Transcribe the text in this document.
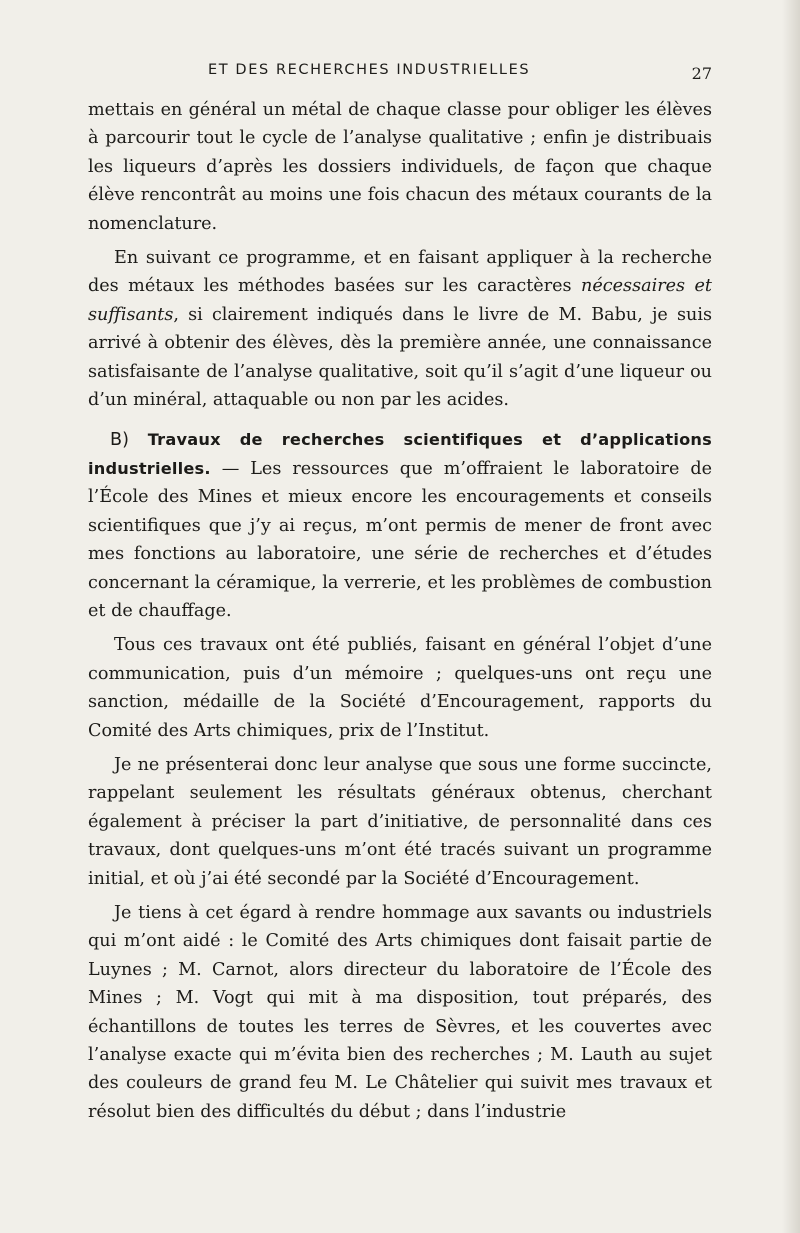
ET DES RECHERCHES INDUSTRIELLES	27

mettais en général un métal de chaque classe pour obliger les élèves à parcourir tout le cycle de l’analyse qualitative ; enfin je distribuais les liqueurs d’après les dossiers individuels, de façon que chaque élève rencontrât au moins une fois chacun des métaux courants de la nomenclature.

En suivant ce programme, et en faisant appliquer à la recherche des métaux les méthodes basées sur les caractères nécessaires et suffisants, si clairement indiqués dans le livre de M. Babu, je suis arrivé à obtenir des élèves, dès la première année, une connaissance satisfaisante de l’analyse qualitative, soit qu’il s’agit d’une liqueur ou d’un minéral, attaquable ou non par les acides.

B) Travaux de recherches scientifiques et d’applications industrielles. — Les ressources que m’offraient le laboratoire de l’École des Mines et mieux encore les encouragements et conseils scientifiques que j’y ai reçus, m’ont permis de mener de front avec mes fonctions au laboratoire, une série de recherches et d’études concernant la céramique, la verrerie, et les problèmes de combustion et de chauffage.

Tous ces travaux ont été publiés, faisant en général l’objet d’une communication, puis d’un mémoire ; quelques-uns ont reçu une sanction, médaille de la Société d’Encouragement, rapports du Comité des Arts chimiques, prix de l’Institut.

Je ne présenterai donc leur analyse que sous une forme succincte, rappelant seulement les résultats généraux obtenus, cherchant également à préciser la part d’initiative, de personnalité dans ces travaux, dont quelques-uns m’ont été tracés suivant un programme initial, et où j’ai été secondé par la Société d’Encouragement.

Je tiens à cet égard à rendre hommage aux savants ou industriels qui m’ont aidé : le Comité des Arts chimiques dont faisait partie de Luynes ; M. Carnot, alors directeur du laboratoire de l’École des Mines ; M. Vogt qui mit à ma disposition, tout préparés, des échantillons de toutes les terres de Sèvres, et les couvertes avec l’analyse exacte qui m’évita bien des recherches ; M. Lauth au sujet des couleurs de grand feu M. Le Châtelier qui suivit mes travaux et résolut bien des difficultés du début ; dans l’industrie
